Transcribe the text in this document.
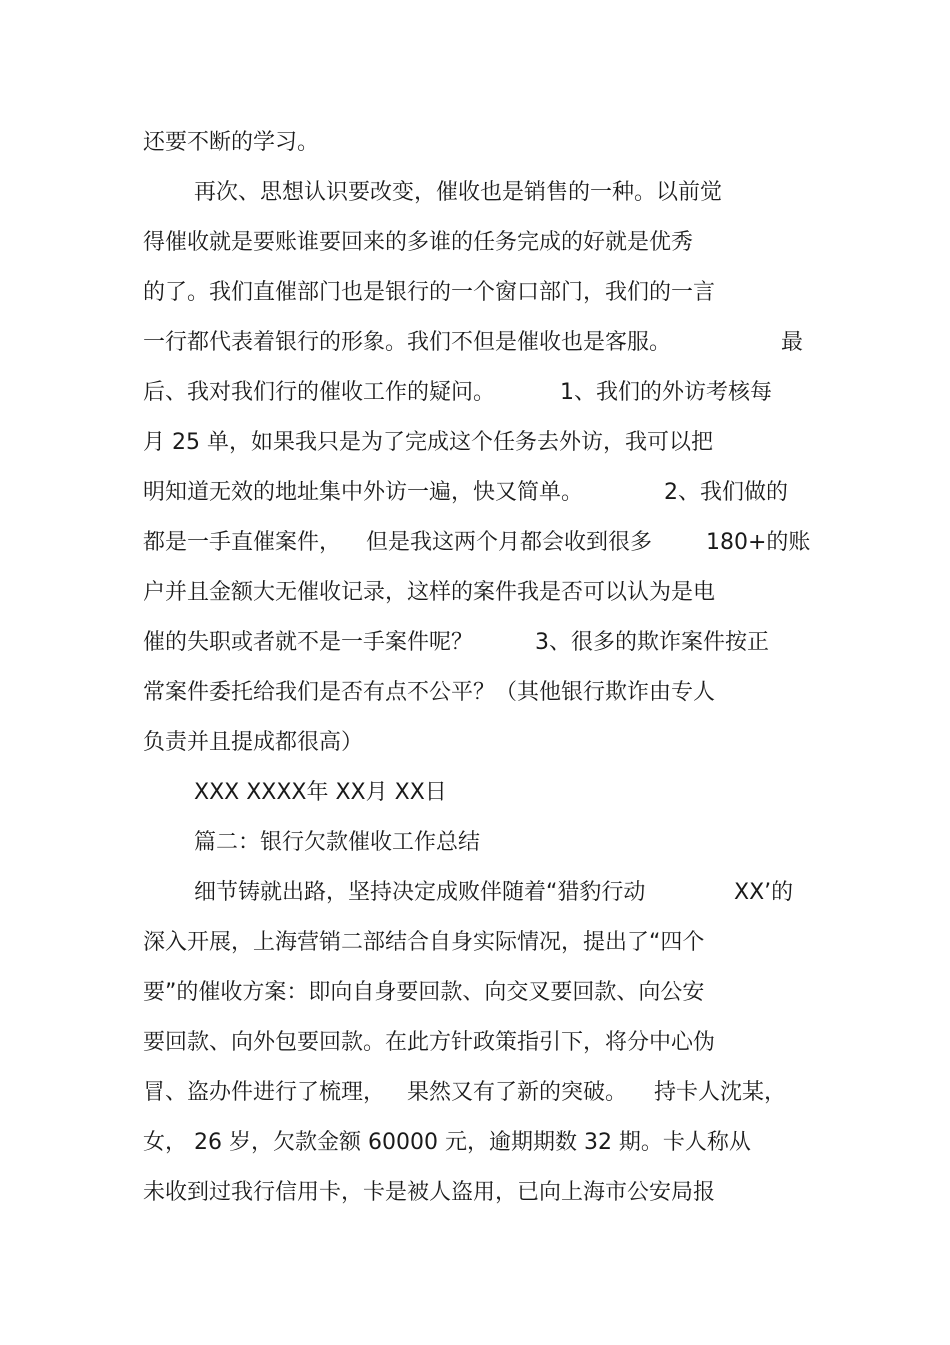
还要不断的学习。
再次、思想认识要改变，催收也是销售的一种。以前觉
得催收就是要账谁要回来的多谁的任务完成的好就是优秀
的了。我们直催部门也是银行的一个窗口部门，我们的一言
一行都代表着银行的形象。我们不但是催收也是客服。	最
后、我对我们行的催收工作的疑问。	1、我们的外访考核每
月 25 单，如果我只是为了完成这个任务去外访，我可以把
明知道无效的地址集中外访一遍，快又简单。	2、我们做的
都是一手直催案件， 但是我这两个月都会收到很多 180+的账
户并且金额大无催收记录，这样的案件我是否可以认为是电
催的失职或者就不是一手案件呢？	3、很多的欺诈案件按正
常案件委托给我们是否有点不公平？（其他银行欺诈由专人
负责并且提成都很高）
XXX XXXX年 XX月 XX日
篇二：银行欠款催收工作总结
细节铸就出路，坚持决定成败伴随着“猎豹行动	XX’的
深入开展，上海营销二部结合自身实际情况，提出了“四个
要”的催收方案：即向自身要回款、向交叉要回款、向公安
要回款、向外包要回款。在此方针政策指引下，将分中心伪
冒、盗办件进行了梳理， 果然又有了新的突破。 持卡人沈某，
女， 26 岁，欠款金额 60000 元，逾期期数 32 期。卡人称从
未收到过我行信用卡，卡是被人盗用，已向上海市公安局报
